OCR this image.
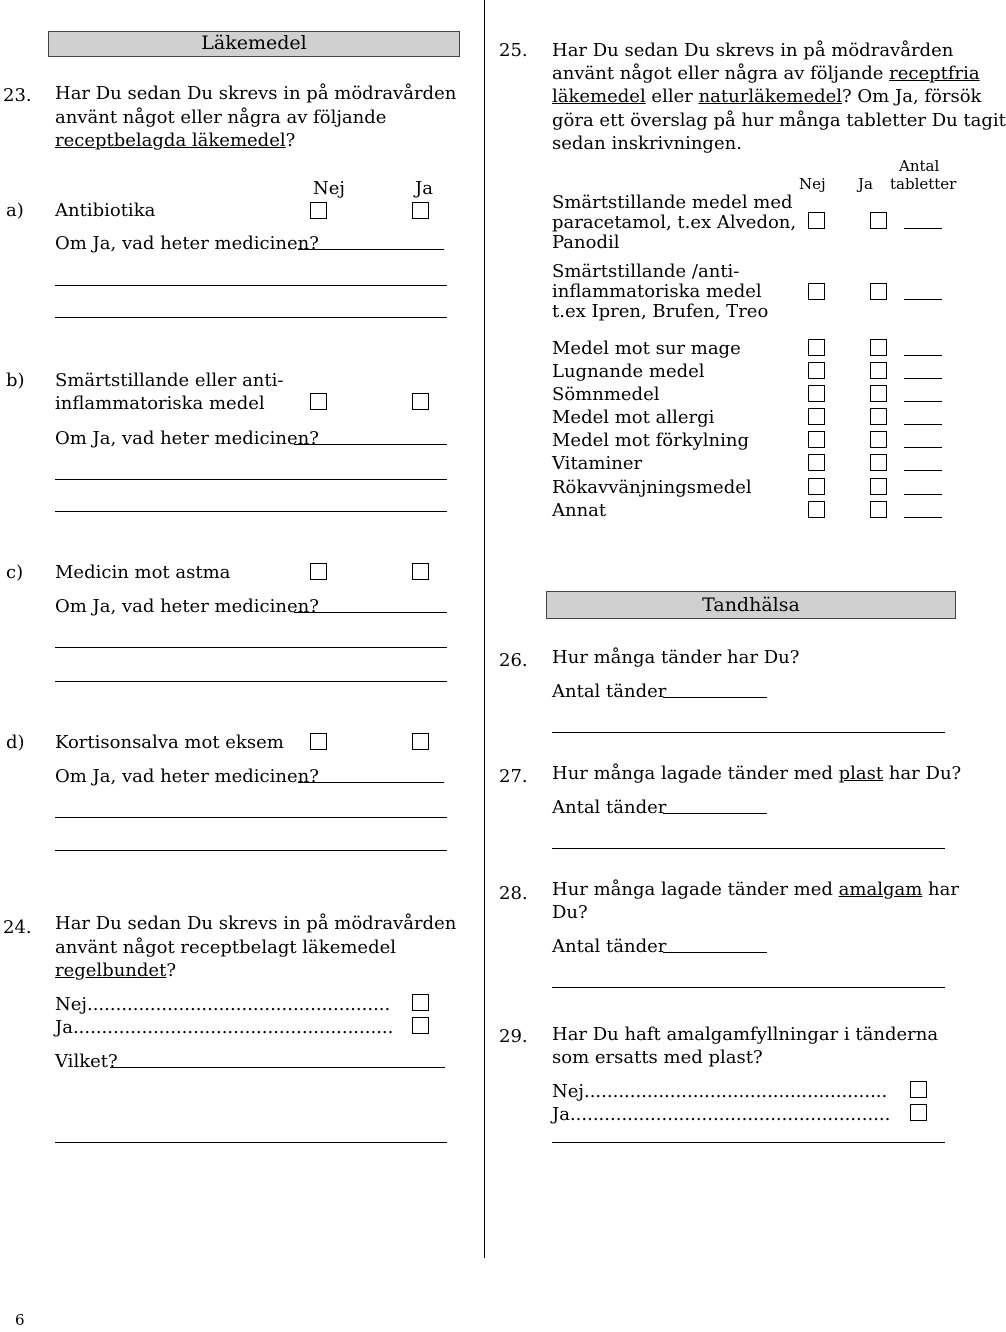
Läkemedel
23. Har Du sedan Du skrevs in på mödravården
använt något eller några av följande
receptbelagda läkemedel?
Nej	Ja
a) Antibiotika
Om Ja, vad heter medicinen?
b) Smärtstillande eller anti-
inflammatoriska medel
Om Ja, vad heter medicinen?
c) Medicin mot astma
Om Ja, vad heter medicinen?
d) Kortisonsalva mot eksem
Om Ja, vad heter medicinen?
24. Har Du sedan Du skrevs in på mödravården
använt något receptbelagt läkemedel
regelbundet?
Nej.....................................................
Ja........................................................
Vilket?
6
25. Har Du sedan Du skrevs in på mödravården
använt något eller några av följande receptfria
läkemedel eller naturläkemedel? Om Ja, försök
göra ett överslag på hur många tabletter Du tagit
sedan inskrivningen.
Antal
Nej Ja tabletter
Smärtstillande medel med
paracetamol, t.ex Alvedon,
Panodil
Smärtstillande /anti-
inflammatoriska medel
t.ex Ipren, Brufen, Treo
Medel mot sur mage
Lugnande medel
Sömnmedel
Medel mot allergi
Medel mot förkylning
Vitaminer
Rökavvänjningsmedel
Annat
Tandhälsa
26. Hur många tänder har Du?
Antal tänder
27. Hur många lagade tänder med plast har Du?
Antal tänder
28. Hur många lagade tänder med amalgam har
Du?
Antal tänder
29. Har Du haft amalgamfyllningar i tänderna
som ersatts med plast?
Nej.....................................................
Ja........................................................
